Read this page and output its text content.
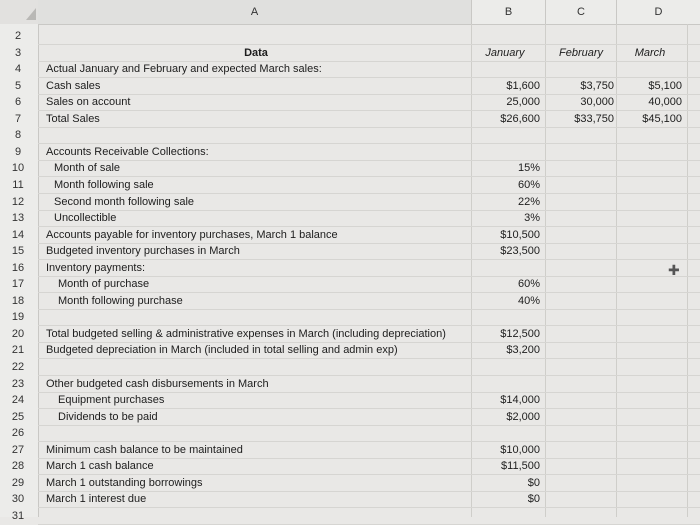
A	B	C	D
2
3	Data	January	February	March
4	Actual January and February and expected March sales:
5	Cash sales	$1,600	$3,750	$5,100
6	Sales on account	25,000	30,000	40,000
7	Total Sales	$26,600	$33,750	$45,100
8
9	Accounts Receivable Collections:
10	Month of sale	15%
11	Month following sale	60%
12	Second month following sale	22%
13	Uncollectible	3%
14	Accounts payable for inventory purchases, March 1 balance	$10,500
15	Budgeted inventory purchases in March	$23,500
16	Inventory payments:
17	Month of purchase	60%
18	Month following purchase	40%
19
20	Total budgeted selling & administrative expenses in March (including depreciation)	$12,500
21	Budgeted depreciation in March (included in total selling and admin exp)	$3,200
22
23	Other budgeted cash disbursements in March
24	Equipment purchases	$14,000
25	Dividends to be paid	$2,000
26
27	Minimum cash balance to be maintained	$10,000
28	March 1 cash balance	$11,500
29	March 1 outstanding borrowings	$0
30	March 1 interest due	$0
31
✚
